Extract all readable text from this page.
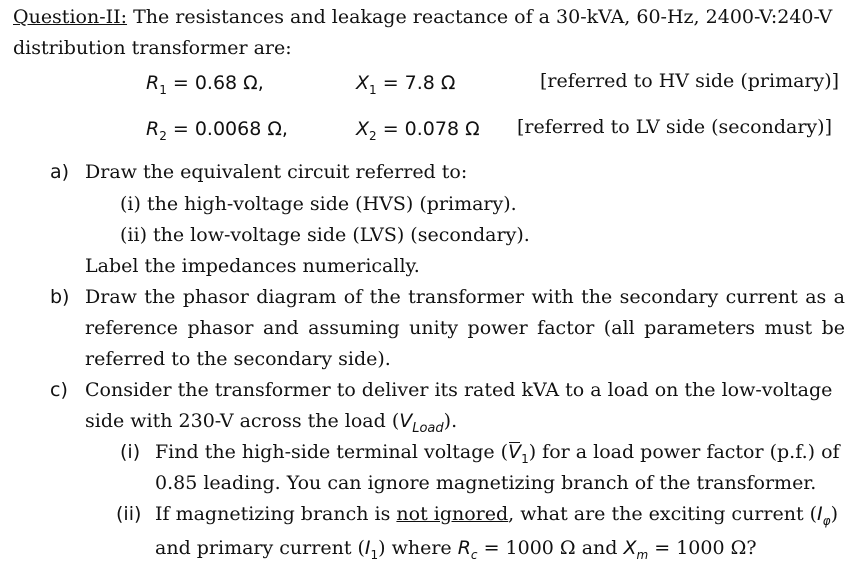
Question-II: The resistances and leakage reactance of a 30-kVA, 60-Hz, 2400-V:240-V
distribution transformer are:
$R_1 = 0.68$ Ω,	$X_1 = 7.8$ Ω	[referred to HV side (primary)]
$R_2 = 0.0068$ Ω,	$X_2 = 0.078$ Ω [referred to LV side (secondary)]
a) Draw the equivalent circuit referred to:
(i) the high-voltage side (HVS) (primary).
(ii) the low-voltage side (LVS) (secondary).
Label the impedances numerically.
b) Draw the phasor diagram of the transformer with the secondary current as a
reference phasor and assuming unity power factor (all parameters must be
referred to the secondary side).
c) Consider the transformer to deliver its rated kVA to a load on the low-voltage
side with 230-V across the load $(V_{Load})$.
(i) Find the high-side terminal voltage $(V_1)$ for a load power factor (p.f.) of
0.85 leading. You can ignore magnetizing branch of the transformer.
(ii) If magnetizing branch is not ignored, what are the exciting current $(I_\varphi)$
and primary current $(I_1)$ where $R_c = 1000$ Ω and $X_m = 1000$ Ω?
